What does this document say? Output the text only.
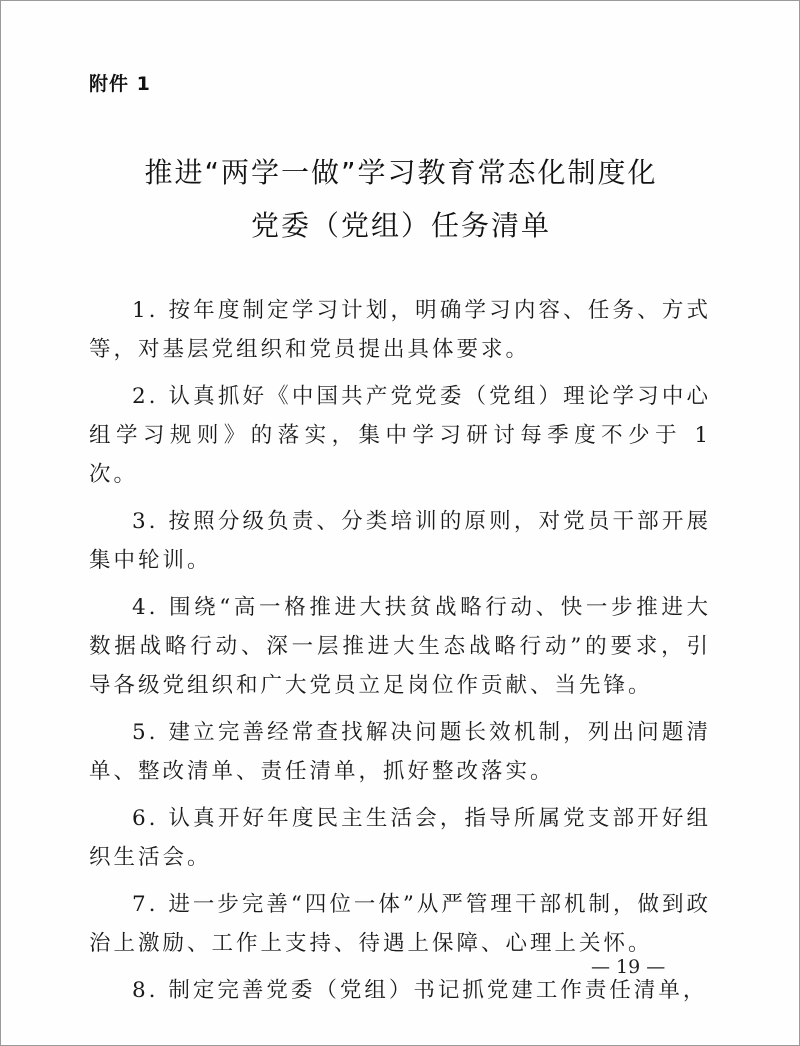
附件 1
推进“两学一做”学习教育常态化制度化
党委（党组）任务清单

1. 按年度制定学习计划，明确学习内容、任务、方式等，对基层党组织和党员提出具体要求。

2. 认真抓好《中国共产党党委（党组）理论学习中心组学习规则》的落实，集中学习研讨每季度不少于 1 次。

3. 按照分级负责、分类培训的原则，对党员干部开展集中轮训。

4. 围绕“高一格推进大扶贫战略行动、快一步推进大数据战略行动、深一层推进大生态战略行动”的要求，引导各级党组织和广大党员立足岗位作贡献、当先锋。

5. 建立完善经常查找解决问题长效机制，列出问题清单、整改清单、责任清单，抓好整改落实。

6. 认真开好年度民主生活会，指导所属党支部开好组织生活会。

7. 进一步完善“四位一体”从严管理干部机制，做到政治上激励、工作上支持、待遇上保障、心理上关怀。

8. 制定完善党委（党组）书记抓党建工作责任清单，

— 19 —
